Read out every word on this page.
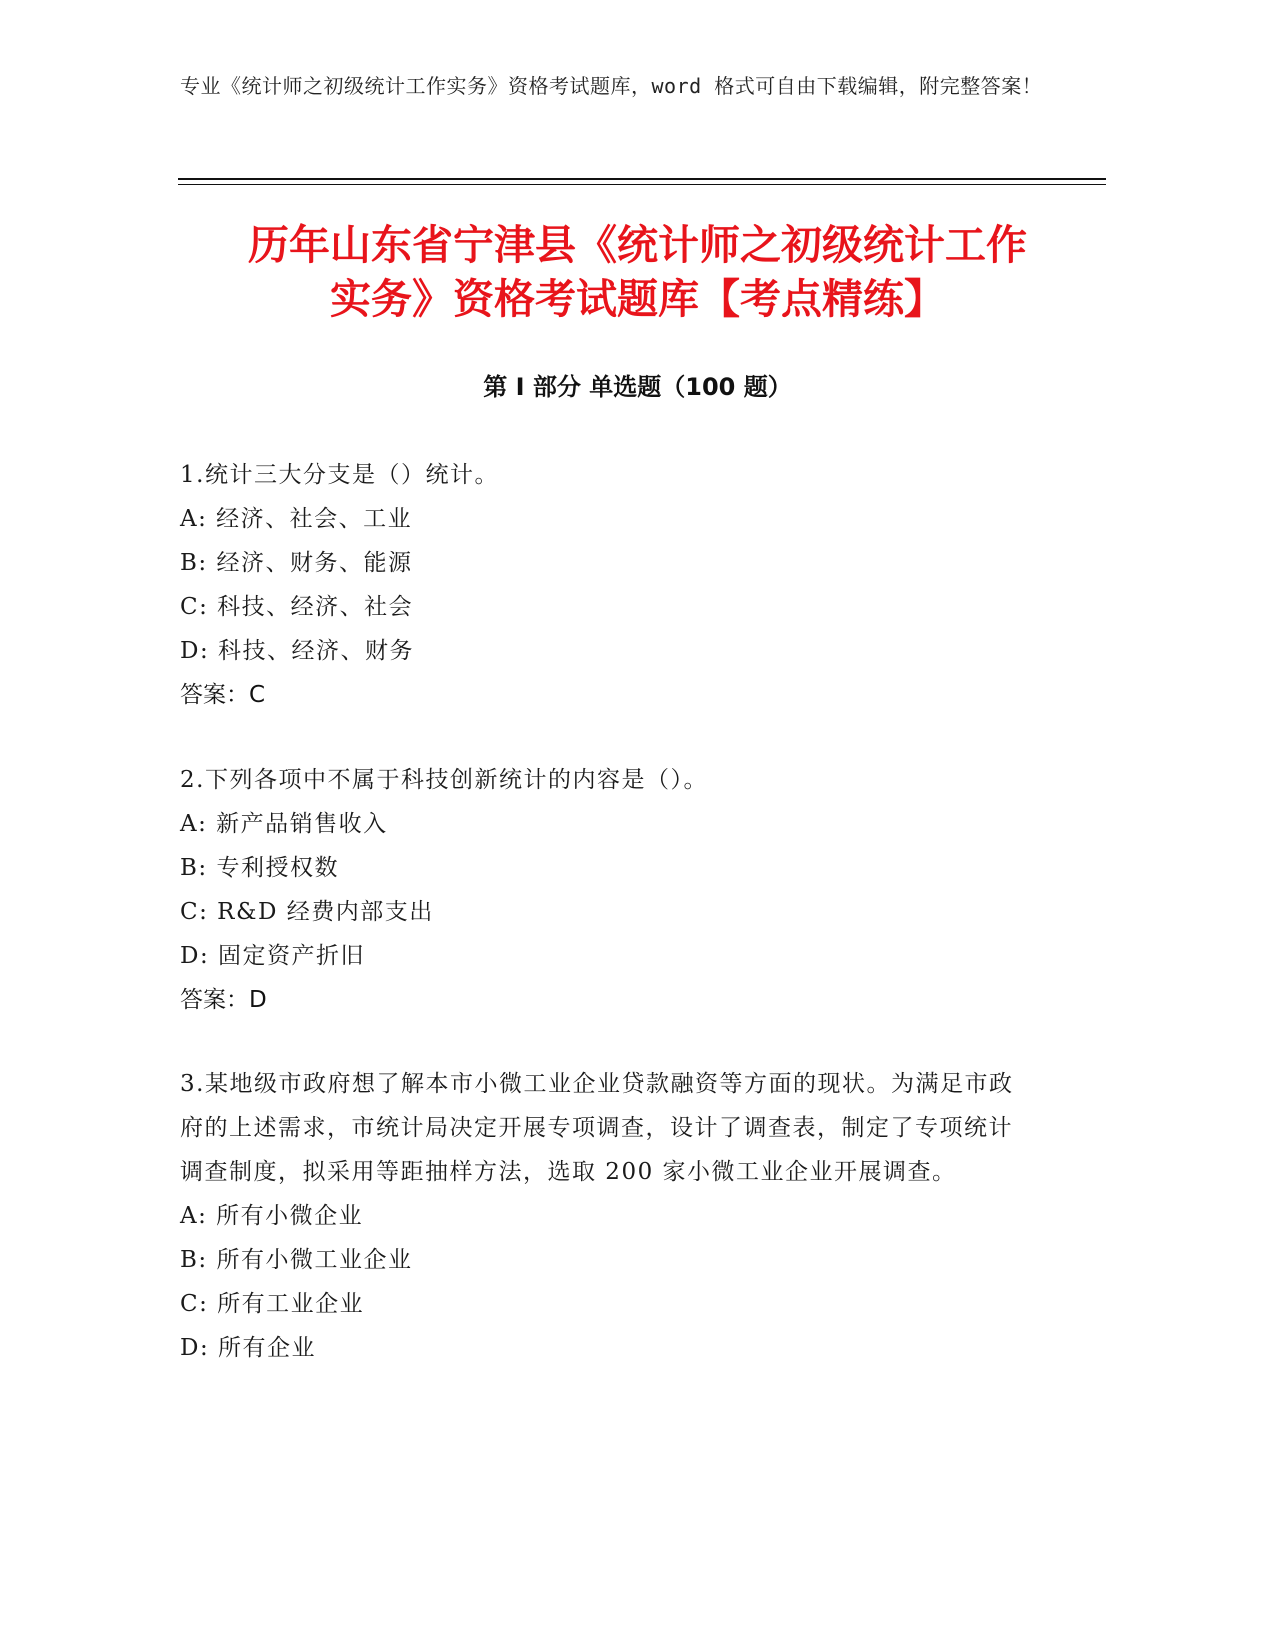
专业《统计师之初级统计工作实务》资格考试题库，word 格式可自由下载编辑，附完整答案！
历年山东省宁津县《统计师之初级统计工作
实务》资格考试题库【考点精练】
第 I 部分 单选题（100 题）

1.统计三大分支是（）统计。

A: 经济、社会、工业

B: 经济、财务、能源

C: 科技、经济、社会

D: 科技、经济、财务

答案：C

2.下列各项中不属于科技创新统计的内容是（）。

A: 新产品销售收入

B: 专利授权数

C: R&D 经费内部支出

D: 固定资产折旧

答案：D

3.某地级市政府想了解本市小微工业企业贷款融资等方面的现状。为满足市政府的上述需求，市统计局决定开展专项调查，设计了调查表，制定了专项统计调查制度，拟采用等距抽样方法，选取 200 家小微工业企业开展调查。

A: 所有小微企业

B: 所有小微工业企业

C: 所有工业企业

D: 所有企业
